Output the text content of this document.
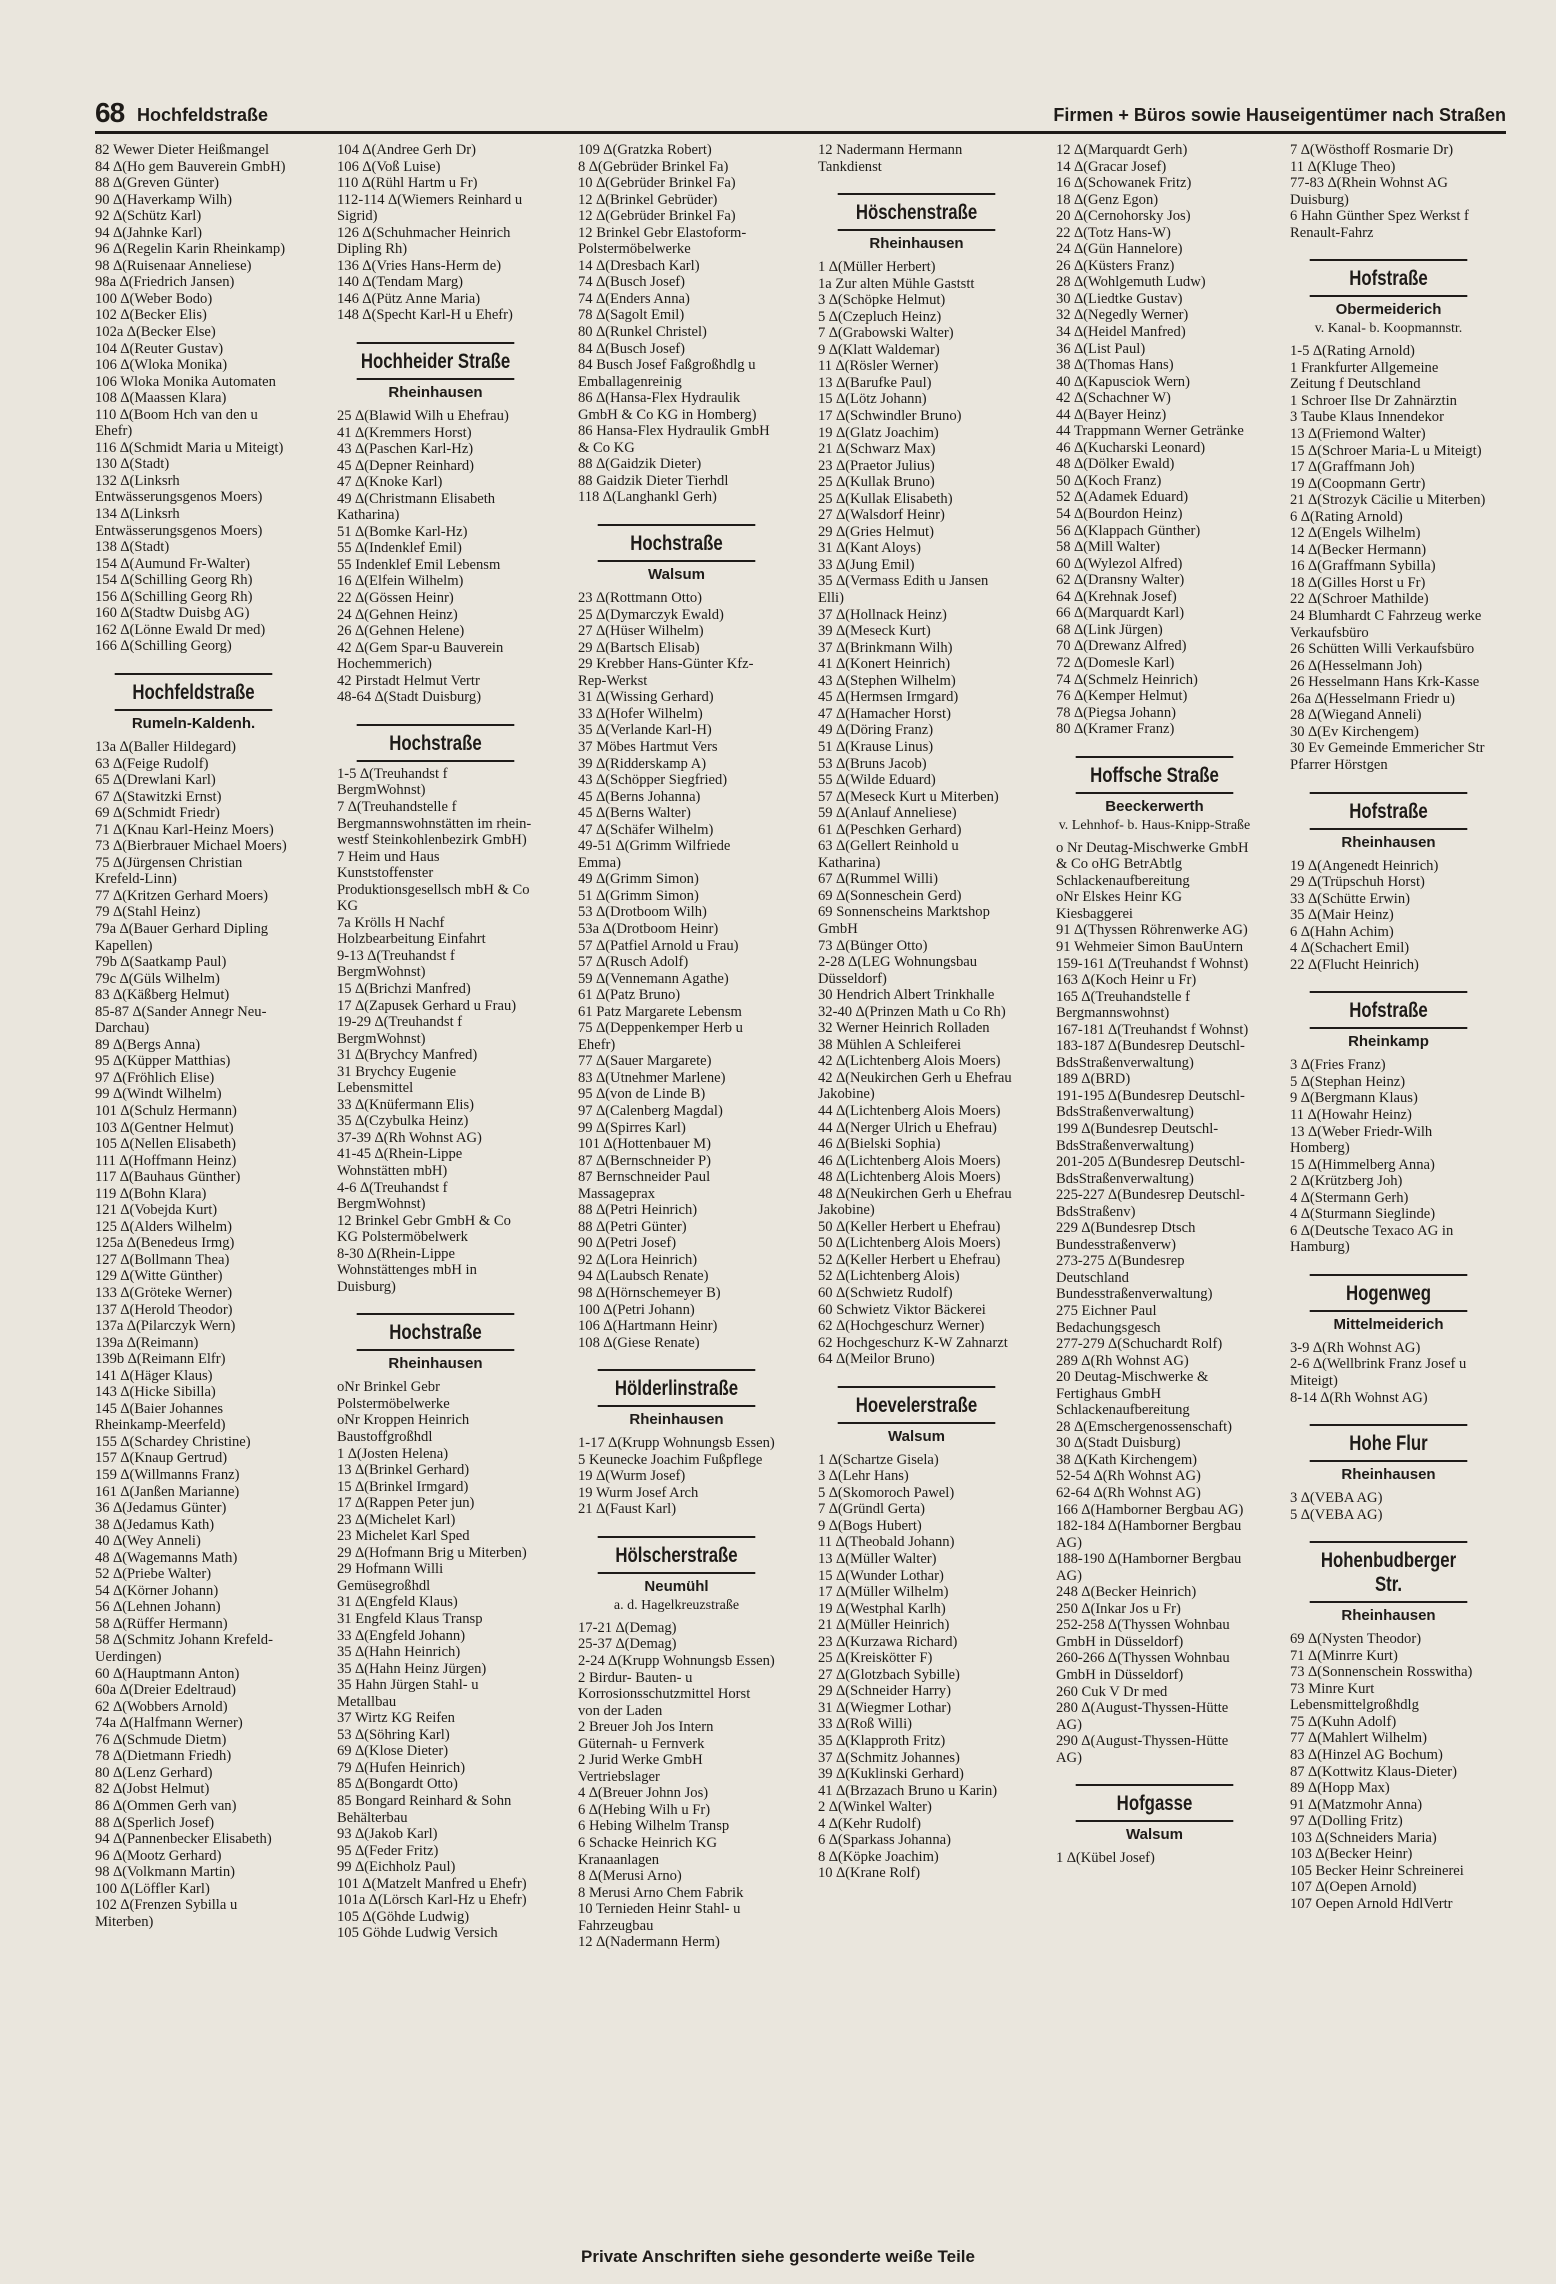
68 Hochfeldstraße	Firmen + Büros sowie Hauseigentümer nach Straßen
82 Wewer Dieter Heißmangel
84 ∆(Ho gem Bauverein GmbH)
88 ∆(Greven Günter)
90 ∆(Haverkamp Wilh)
92 ∆(Schütz Karl)
94 ∆(Jahnke Karl)
96 ∆(Regelin Karin Rheinkamp)
98 ∆(Ruisenaar Anneliese)
98a ∆(Friedrich Jansen)
100 ∆(Weber Bodo)
102 ∆(Becker Elis)
102a ∆(Becker Else)
104 ∆(Reuter Gustav)
106 ∆(Wloka Monika)
106 Wloka Monika Automaten
108 ∆(Maassen Klara)
110 ∆(Boom Hch van den u Ehefr)
116 ∆(Schmidt Maria u Miteigt)
130 ∆(Stadt)
132 ∆(Linksrh Entwässerungsgenos Moers)
134 ∆(Linksrh Entwässerungsgenos Moers)
138 ∆(Stadt)
154 ∆(Aumund Fr-Walter)
154 ∆(Schilling Georg Rh)
156 ∆(Schilling Georg Rh)
160 ∆(Stadtw Duisbg AG)
162 ∆(Lönne Ewald Dr med)
166 ∆(Schilling Georg)
Hochfeldstraße
Rumeln-Kaldenh.
13a ∆(Baller Hildegard)
63 ∆(Feige Rudolf)
65 ∆(Drewlani Karl)
67 ∆(Stawitzki Ernst)
69 ∆(Schmidt Friedr)
71 ∆(Knau Karl-Heinz Moers)
73 ∆(Bierbrauer Michael Moers)
75 ∆(Jürgensen Christian Krefeld-Linn)
77 ∆(Kritzen Gerhard Moers)
79 ∆(Stahl Heinz)
79a ∆(Bauer Gerhard Dipling Kapellen)
79b ∆(Saatkamp Paul)
79c ∆(Güls Wilhelm)
83 ∆(Käßberg Helmut)
85-87 ∆(Sander Annegr Neu-Darchau)
89 ∆(Bergs Anna)
95 ∆(Küpper Matthias)
97 ∆(Fröhlich Elise)
99 ∆(Windt Wilhelm)
101 ∆(Schulz Hermann)
103 ∆(Gentner Helmut)
105 ∆(Nellen Elisabeth)
111 ∆(Hoffmann Heinz)
117 ∆(Bauhaus Günther)
119 ∆(Bohn Klara)
121 ∆(Vobejda Kurt)
125 ∆(Alders Wilhelm)
125a ∆(Benedeus Irmg)
127 ∆(Bollmann Thea)
129 ∆(Witte Günther)
133 ∆(Grötеke Werner)
137 ∆(Herold Theodor)
137a ∆(Pilarczyk Wern)
139a ∆(Reimann)
139b ∆(Reimann Elfr)
141 ∆(Häger Klaus)
143 ∆(Hicke Sibilla)
145 ∆(Baier Johannes Rheinkamp-Meerfeld)
155 ∆(Schardey Christine)
157 ∆(Knaup Gertrud)
159 ∆(Willmanns Franz)
161 ∆(Janßen Marianne)
36 ∆(Jedamus Günter)
38 ∆(Jedamus Kath)
40 ∆(Wey Anneli)
48 ∆(Wagemanns Math)
52 ∆(Priebe Walter)
54 ∆(Körner Johann)
56 ∆(Lehnen Johann)
58 ∆(Rüffer Hermann)
58 ∆(Schmitz Johann Krefeld-Uerdingen)
60 ∆(Hauptmann Anton)
60a ∆(Dreier Edeltraud)
62 ∆(Wobbers Arnold)
74a ∆(Halfmann Werner)
76 ∆(Schmude Dietm)
78 ∆(Dietmann Friedh)
80 ∆(Lenz Gerhard)
82 ∆(Jobst Helmut)
86 ∆(Ommen Gerh van)
88 ∆(Sperlich Josef)
94 ∆(Pannenbecker Elisabeth)
96 ∆(Mootz Gerhard)
98 ∆(Volkmann Martin)
100 ∆(Löffler Karl)
102 ∆(Frenzen Sybilla u Miterben)
104 ∆(Andree Gerh Dr)
106 ∆(Voß Luise)
110 ∆(Rühl Hartm u Fr)
112-114 ∆(Wiemers Reinhard u Sigrid)
126 ∆(Schuhmacher Heinrich Dipling Rh)
136 ∆(Vries Hans-Herm de)
140 ∆(Tendam Marg)
146 ∆(Pütz Anne Maria)
148 ∆(Specht Karl-H u Ehefr)
Hochheider Straße
Rheinhausen
25 ∆(Blawid Wilh u Ehefrau)
41 ∆(Kremmers Horst)
43 ∆(Paschen Karl-Hz)
45 ∆(Depner Reinhard)
47 ∆(Knoke Karl)
49 ∆(Christmann Elisabeth Katharina)
51 ∆(Bomke Karl-Hz)
55 ∆(Indenklef Emil)
55 Indenklef Emil Lebensm
16 ∆(Elfein Wilhelm)
22 ∆(Gössen Heinr)
24 ∆(Gehnen Heinz)
26 ∆(Gehnen Helene)
42 ∆(Gem Spar-u Bauverein Hochemmerich)
42 Pirstadt Helmut Vertr
48-64 ∆(Stadt Duisburg)
Hochstraße
1-5 ∆(Treuhandst f BergmWohnst)
7 ∆(Treuhandstelle f Bergmannswohnstätten im rhein-westf Steinkohlenbezirk GmbH)
7 Heim und Haus Kunststoffenster Produktionsgesellsch mbH & Co KG
7a Krölls H Nachf Holzbearbeitung Einfahrt
9-13 ∆(Treuhandst f BergmWohnst)
15 ∆(Brichzi Manfred)
17 ∆(Zapusek Gerhard u Frau)
19-29 ∆(Treuhandst f BergmWohnst)
31 ∆(Brychcy Manfred)
31 Brychcy Eugenie Lebensmittel
33 ∆(Knüfermann Elis)
35 ∆(Czybulka Heinz)
37-39 ∆(Rh Wohnst AG)
41-45 ∆(Rhein-Lippe Wohnstätten mbH)
4-6 ∆(Treuhandst f BergmWohnst)
12 Brinkel Gebr GmbH & Co KG Polstermöbelwerk
8-30 ∆(Rhein-Lippe Wohnstättenges mbH in Duisburg)
Hochstraße
Rheinhausen
oNr Brinkel Gebr Polstermöbelwerke
oNr Kroppen Heinrich Baustoffgroßhdl
1 ∆(Josten Helena)
13 ∆(Brinkel Gerhard)
15 ∆(Brinkel Irmgard)
17 ∆(Rappen Peter jun)
23 ∆(Michelet Karl)
23 Michelet Karl Sped
29 ∆(Hofmann Brig u Miterben)
29 Hofmann Willi Gemüsegroßhdl
31 ∆(Engfeld Klaus)
31 Engfeld Klaus Transp
33 ∆(Engfeld Johann)
35 ∆(Hahn Heinrich)
35 ∆(Hahn Heinz Jürgen)
35 Hahn Jürgen Stahl- u Metallbau
37 Wirtz KG Reifen
53 ∆(Söhring Karl)
69 ∆(Klose Dieter)
79 ∆(Hufen Heinrich)
85 ∆(Bongardt Otto)
85 Bongard Reinhard & Sohn Behälterbau
93 ∆(Jakob Karl)
95 ∆(Feder Fritz)
99 ∆(Eichholz Paul)
101 ∆(Matzelt Manfred u Ehefr)
101a ∆(Lörsch Karl-Hz u Ehefr)
105 ∆(Göhde Ludwig)
105 Göhde Ludwig Versich
109 ∆(Gratzka Robert)
8 ∆(Gebrüder Brinkel Fa)
10 ∆(Gebrüder Brinkel Fa)
12 ∆(Brinkel Gebrüder)
12 ∆(Gebrüder Brinkel Fa)
12 Brinkel Gebr Elastoform-Polstermöbelwerke
14 ∆(Dresbach Karl)
74 ∆(Busch Josef)
74 ∆(Enders Anna)
78 ∆(Sagolt Emil)
80 ∆(Runkel Christel)
84 ∆(Busch Josef)
84 Busch Josef Faßgroßhdlg u Emballagenreinig
86 ∆(Hansa-Flex Hydraulik GmbH & Co KG in Homberg)
86 Hansa-Flex Hydraulik GmbH & Co KG
88 ∆(Gaidzik Dieter)
88 Gaidzik Dieter Tierhdl
118 ∆(Langhankl Gerh)
Hochstraße
Walsum
23 ∆(Rottmann Otto)
25 ∆(Dymarczyk Ewald)
27 ∆(Hüser Wilhelm)
29 ∆(Bartsch Elisab)
29 Krebber Hans-Günter Kfz-Rep-Werkst
31 ∆(Wissing Gerhard)
33 ∆(Hofer Wilhelm)
35 ∆(Verlande Karl-H)
37 Möbes Hartmut Vers
39 ∆(Ridderskamp A)
43 ∆(Schöpper Siegfried)
45 ∆(Berns Johanna)
45 ∆(Berns Walter)
47 ∆(Schäfer Wilhelm)
49-51 ∆(Grimm Wilfriede Emma)
49 ∆(Grimm Simon)
51 ∆(Grimm Simon)
53 ∆(Drotboom Wilh)
53a ∆(Drotboom Heinr)
57 ∆(Patfiel Arnold u Frau)
57 ∆(Rusch Adolf)
59 ∆(Vennemann Agathe)
61 ∆(Patz Bruno)
61 Patz Margarete Lebensm
75 ∆(Deppenkemper Herb u Ehefr)
77 ∆(Sauer Margarete)
83 ∆(Utnehmer Marlene)
95 ∆(von de Linde B)
97 ∆(Calenberg Magdal)
99 ∆(Spirres Karl)
101 ∆(Hottenbauer M)
87 ∆(Bernschneider P)
87 Bernschneider Paul Massageprax
88 ∆(Petri Heinrich)
88 ∆(Petri Günter)
90 ∆(Petri Josef)
92 ∆(Lora Heinrich)
94 ∆(Laubsch Renate)
98 ∆(Hörnschemeyer B)
100 ∆(Petri Johann)
106 ∆(Hartmann Heinr)
108 ∆(Giese Renate)
Hölderlinstraße
Rheinhausen
1-17 ∆(Krupp Wohnungsb Essen)
5 Keunecke Joachim Fußpflege
19 ∆(Wurm Josef)
19 Wurm Josef Arch
21 ∆(Faust Karl)
Hölscherstraße
Neumühl
a. d. Hagelkreuzstraße
17-21 ∆(Demag)
25-37 ∆(Demag)
2-24 ∆(Krupp Wohnungsb Essen)
2 Birdur- Bauten- u Korrosionsschutzmittel Horst von der Laden
2 Breuer Joh Jos Intern Güternah- u Fernverk
2 Jurid Werke GmbH Vertriebslager
4 ∆(Breuer Johnn Jos)
6 ∆(Hebing Wilh u Fr)
6 Hebing Wilhelm Transp
6 Schacke Heinrich KG Kranaanlagen
8 ∆(Merusi Arno)
8 Merusi Arno Chem Fabrik
10 Ternieden Heinr Stahl- u Fahrzeugbau
12 ∆(Nadermann Herm)
12 Nadermann Hermann Tankdienst
Höschenstraße
Rheinhausen
1 ∆(Müller Herbert)
1a Zur alten Mühle Gaststt
3 ∆(Schöpke Helmut)
5 ∆(Czepluch Heinz)
7 ∆(Grabowski Walter)
9 ∆(Klatt Waldemar)
11 ∆(Rösler Werner)
13 ∆(Barufke Paul)
15 ∆(Lötz Johann)
17 ∆(Schwindler Bruno)
19 ∆(Glatz Joachim)
21 ∆(Schwarz Max)
23 ∆(Praetor Julius)
25 ∆(Kullak Bruno)
25 ∆(Kullak Elisabeth)
27 ∆(Walsdorf Heinr)
29 ∆(Gries Helmut)
31 ∆(Kant Aloys)
33 ∆(Jung Emil)
35 ∆(Vermass Edith u Jansen Elli)
37 ∆(Hollnack Heinz)
39 ∆(Meseck Kurt)
37 ∆(Brinkmann Wilh)
41 ∆(Konert Heinrich)
43 ∆(Stephen Wilhelm)
45 ∆(Hermsen Irmgard)
47 ∆(Hamacher Horst)
49 ∆(Döring Franz)
51 ∆(Krause Linus)
53 ∆(Bruns Jacob)
55 ∆(Wilde Eduard)
57 ∆(Meseck Kurt u Miterben)
59 ∆(Anlauf Anneliese)
61 ∆(Peschken Gerhard)
63 ∆(Gellert Reinhold u Katharina)
67 ∆(Rummel Willi)
69 ∆(Sonneschein Gerd)
69 Sonnenscheins Marktshop GmbH
73 ∆(Bünger Otto)
2-28 ∆(LEG Wohnungsbau Düsseldorf)
30 Hendrich Albert Trinkhalle
32-40 ∆(Prinzen Math u Co Rh)
32 Werner Heinrich Rolladen
38 Mühlen A Schleiferei
42 ∆(Lichtenberg Alois Moers)
42 ∆(Neukirchen Gerh u Ehefrau Jakobine)
44 ∆(Lichtenberg Alois Moers)
44 ∆(Nerger Ulrich u Ehefrau)
46 ∆(Bielski Sophia)
46 ∆(Lichtenberg Alois Moers)
48 ∆(Lichtenberg Alois Moers)
48 ∆(Neukirchen Gerh u Ehefrau Jakobine)
50 ∆(Keller Herbert u Ehefrau)
50 ∆(Lichtenberg Alois Moers)
52 ∆(Keller Herbert u Ehefrau)
52 ∆(Lichtenberg Alois)
60 ∆(Schwietz Rudolf)
60 Schwietz Viktor Bäckerei
62 ∆(Hochgeschurz Werner)
62 Hochgeschurz K-W Zahnarzt
64 ∆(Meilor Bruno)
Hoevelerstraße
Walsum
1 ∆(Schartze Gisela)
3 ∆(Lehr Hans)
5 ∆(Skomoroch Pawel)
7 ∆(Gründl Gerta)
9 ∆(Bogs Hubert)
11 ∆(Theobald Johann)
13 ∆(Müller Walter)
15 ∆(Wunder Lothar)
17 ∆(Müller Wilhelm)
19 ∆(Westphal Karlh)
21 ∆(Müller Heinrich)
23 ∆(Kurzawa Richard)
25 ∆(Kreiskötter F)
27 ∆(Glotzbach Sybille)
29 ∆(Schneider Harry)
31 ∆(Wiegmer Lothar)
33 ∆(Roß Willi)
35 ∆(Klapproth Fritz)
37 ∆(Schmitz Johannes)
39 ∆(Kuklinski Gerhard)
41 ∆(Brzazach Bruno u Karin)
2 ∆(Winkel Walter)
4 ∆(Kehr Rudolf)
6 ∆(Sparkass Johanna)
8 ∆(Köpke Joachim)
10 ∆(Krane Rolf)
12 ∆(Marquardt Gerh)
14 ∆(Gracar Josef)
16 ∆(Schowanek Fritz)
18 ∆(Genz Egon)
20 ∆(Cernohorsky Jos)
22 ∆(Totz Hans-W)
24 ∆(Gün Hannelore)
26 ∆(Küsters Franz)
28 ∆(Wohlgemuth Ludw)
30 ∆(Liedtke Gustav)
32 ∆(Negedly Werner)
34 ∆(Heidel Manfred)
36 ∆(List Paul)
38 ∆(Thomas Hans)
40 ∆(Kapusciok Wern)
42 ∆(Schachner W)
44 ∆(Bayer Heinz)
44 Trappmann Werner Getränke
46 ∆(Kucharski Leonard)
48 ∆(Dölker Ewald)
50 ∆(Koch Franz)
52 ∆(Adamek Eduard)
54 ∆(Bourdon Heinz)
56 ∆(Klappach Günther)
58 ∆(Mill Walter)
60 ∆(Wylezol Alfred)
62 ∆(Dransny Walter)
64 ∆(Krehnak Josef)
66 ∆(Marquardt Karl)
68 ∆(Link Jürgen)
70 ∆(Drewanz Alfred)
72 ∆(Domesle Karl)
74 ∆(Schmelz Heinrich)
76 ∆(Kemper Helmut)
78 ∆(Piegsa Johann)
80 ∆(Kramer Franz)
Hoffsche Straße
Beeckerwerth
v. Lehnhof- b. Haus-Knipp-Straße
o Nr Deutag-Mischwerke GmbH & Co oHG BetrAbtlg Schlackenaufbereitung
oNr Elskes Heinr KG Kiesbaggerei
91 ∆(Thyssen Röhrenwerke AG)
91 Wehmeier Simon BauUntern
159-161 ∆(Treuhandst f Wohnst)
163 ∆(Koch Heinr u Fr)
165 ∆(Treuhandstelle f Bergmannswohnst)
167-181 ∆(Treuhandst f Wohnst)
183-187 ∆(Bundesrep Deutschl-BdsStraßenverwaltung)
189 ∆(BRD)
191-195 ∆(Bundesrep Deutschl-BdsStraßenverwaltung)
199 ∆(Bundesrep Deutschl-BdsStraßenverwaltung)
201-205 ∆(Bundesrep Deutschl-BdsStraßenverwaltung)
225-227 ∆(Bundesrep Deutschl-BdsStraßenv)
229 ∆(Bundesrep Dtsch Bundesstraßenverw)
273-275 ∆(Bundesrep Deutschland Bundesstraßenverwaltung)
275 Eichner Paul Bedachungsgesch
277-279 ∆(Schuchardt Rolf)
289 ∆(Rh Wohnst AG)
20 Deutag-Mischwerke & Fertighaus GmbH Schlackenaufbereitung
28 ∆(Emschergenossenschaft)
30 ∆(Stadt Duisburg)
38 ∆(Kath Kirchengem)
52-54 ∆(Rh Wohnst AG)
62-64 ∆(Rh Wohnst AG)
166 ∆(Hamborner Bergbau AG)
182-184 ∆(Hamborner Bergbau AG)
188-190 ∆(Hamborner Bergbau AG)
248 ∆(Becker Heinrich)
250 ∆(Inkar Jos u Fr)
252-258 ∆(Thyssen Wohnbau GmbH in Düsseldorf)
260-266 ∆(Thyssen Wohnbau GmbH in Düsseldorf)
260 Cuk V Dr med
280 ∆(August-Thyssen-Hütte AG)
290 ∆(August-Thyssen-Hütte AG)
Hofgasse
Walsum
1 ∆(Kübel Josef)
7 ∆(Wösthoff Rosmarie Dr)
11 ∆(Kluge Theo)
77-83 ∆(Rhein Wohnst AG Duisburg)
6 Hahn Günther Spez Werkst f Renault-Fahrz
Hofstraße
Obermeiderich
v. Kanal- b. Koopmannstr.
1-5 ∆(Rating Arnold)
1 Frankfurter Allgemeine Zeitung f Deutschland
1 Schroer Ilse Dr Zahnärztin
3 Taube Klaus Innendekor
13 ∆(Friemond Walter)
15 ∆(Schroer Maria-L u Miteigt)
17 ∆(Graffmann Joh)
19 ∆(Coopmann Gertr)
21 ∆(Strozyk Cäcilie u Miterben)
6 ∆(Rating Arnold)
12 ∆(Engels Wilhelm)
14 ∆(Becker Hermann)
16 ∆(Graffmann Sybilla)
18 ∆(Gilles Horst u Fr)
22 ∆(Schroer Mathilde)
24 Blumhardt C Fahrzeug werke Verkaufsbüro
26 Schütten Willi Verkaufsbüro
26 ∆(Hesselmann Joh)
26 Hesselmann Hans Krk-Kasse
26a ∆(Hesselmann Friedr u)
28 ∆(Wiegand Anneli)
30 ∆(Ev Kirchengem)
30 Ev Gemeinde Emmericher Str Pfarrer Hörstgen
Hofstraße
Rheinhausen
19 ∆(Angenedt Heinrich)
29 ∆(Trüpschuh Horst)
33 ∆(Schütte Erwin)
35 ∆(Mair Heinz)
6 ∆(Hahn Achim)
4 ∆(Schachert Emil)
22 ∆(Flucht Heinrich)
Hofstraße
Rheinkamp
3 ∆(Fries Franz)
5 ∆(Stephan Heinz)
9 ∆(Bergmann Klaus)
11 ∆(Howahr Heinz)
13 ∆(Weber Friedr-Wilh Homberg)
15 ∆(Himmelberg Anna)
2 ∆(Krützberg Joh)
4 ∆(Stermann Gerh)
4 ∆(Sturmann Sieglinde)
6 ∆(Deutsche Texaco AG in Hamburg)
Hogenweg
Mittelmeiderich
3-9 ∆(Rh Wohnst AG)
2-6 ∆(Wellbrink Franz Josef u Miteigt)
8-14 ∆(Rh Wohnst AG)
Hohe Flur
Rheinhausen
3 ∆(VEBA AG)
5 ∆(VEBA AG)
Hohenbudberger Str.
Rheinhausen
69 ∆(Nysten Theodor)
71 ∆(Minrre Kurt)
73 ∆(Sonnenschein Rosswitha)
73 Minre Kurt Lebensmittelgroßhdlg
75 ∆(Kuhn Adolf)
77 ∆(Mahlert Wilhelm)
83 ∆(Hinzel AG Bochum)
87 ∆(Kottwitz Klaus-Dieter)
89 ∆(Hopp Max)
91 ∆(Matzmohr Anna)
97 ∆(Dolling Fritz)
103 ∆(Schneiders Maria)
103 ∆(Becker Heinr)
105 Becker Heinr Schreinerei
107 ∆(Oepen Arnold)
107 Oepen Arnold HdlVertr
Private Anschriften siehe gesonderte weiße Teile
